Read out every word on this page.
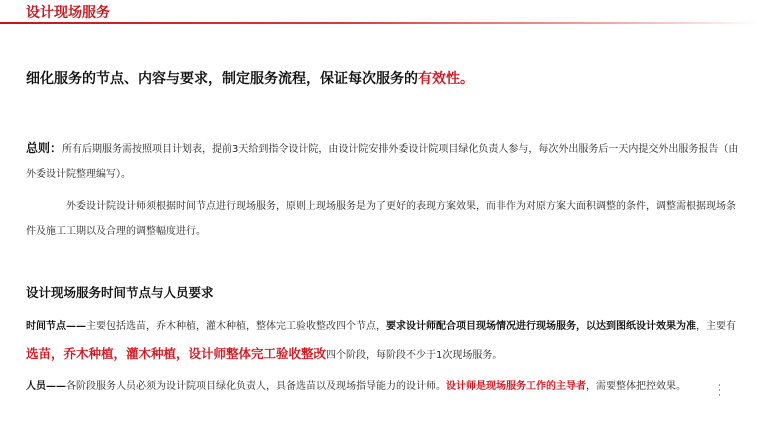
设计现场服务
细化服务的节点、内容与要求，制定服务流程，保证每次服务的有效性。
总则：所有后期服务需按照项目计划表，提前3天给到指令设计院，由设计院安排外委设计院项目绿化负责人参与，每次外出服务后一天内提交外出服务报告（由外委设计院整理编写）。
外委设计院设计师须根据时间节点进行现场服务，原则上现场服务是为了更好的表现方案效果，而非作为对原方案大面积调整的条件，调整需根据现场条件及施工工期以及合理的调整幅度进行。
设计现场服务时间节点与人员要求
时间节点——主要包括选苗，乔木种植，灌木种植，整体完工验收整改四个节点，要求设计师配合项目现场情况进行现场服务，以达到图纸设计效果为准，主要有选苗，乔木种植，灌木种植，设计师整体完工验收整改四个阶段，每阶段不少于1次现场服务。
人员——各阶段服务人员必须为设计院项目绿化负责人，具备选苗以及现场指导能力的设计师。设计师是现场服务工作的主导者，需要整体把控效果。
